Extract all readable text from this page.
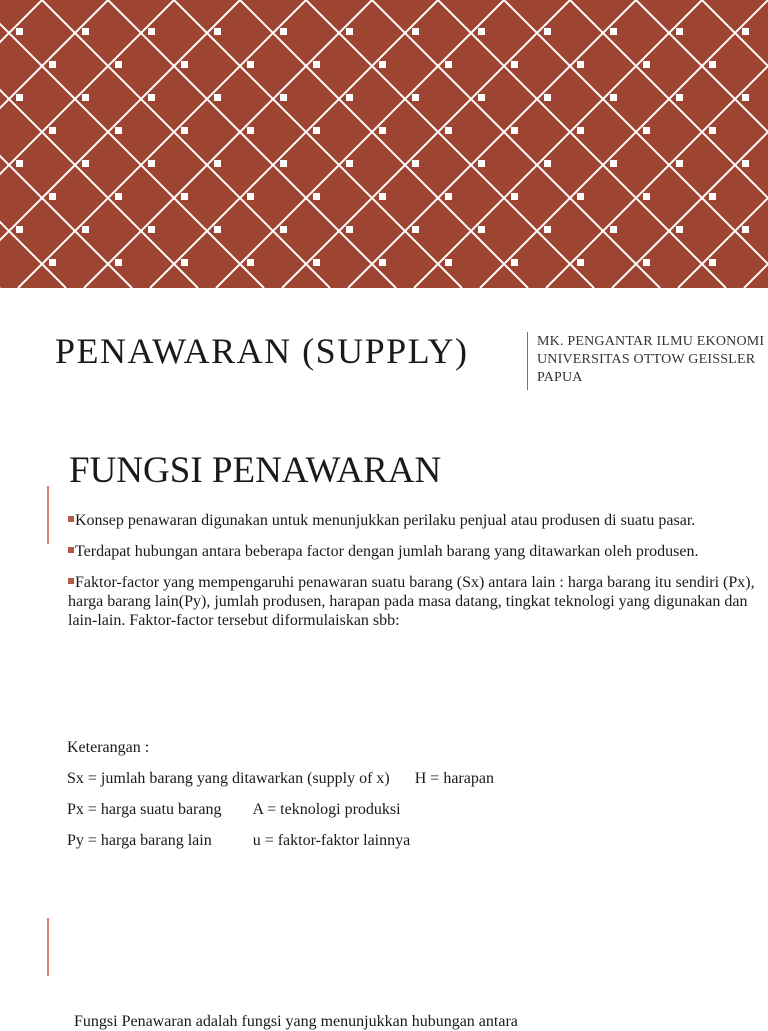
PENAWARAN (SUPPLY)	MK. PENGANTAR ILMU EKONOMI
UNIVERSITAS OTTOW GEISSLER
PAPUA
FUNGSI PENAWARAN
Konsep penawaran digunakan untuk menunjukkan perilaku penjual atau produsen di suatu pasar.
Terdapat hubungan antara beberapa factor dengan jumlah barang yang ditawarkan oleh produsen.
Faktor-factor yang mempengaruhi penawaran suatu barang (Sx) antara lain : harga barang itu sendiri (Px), harga barang lain(Py), jumlah produsen, harapan pada masa datang, tingkat teknologi yang digunakan dan lain-lain. Faktor-factor tersebut diformulaiskan sbb:
Keterangan :
Sx = jumlah barang yang ditawarkan (supply of x) H = harapan
Px = harga suatu barang A = teknologi produksi
Py = harga barang lain	u = faktor-faktor lainnya
Fungsi Penawaran adalah fungsi yang menunjukkan hubungan antara
